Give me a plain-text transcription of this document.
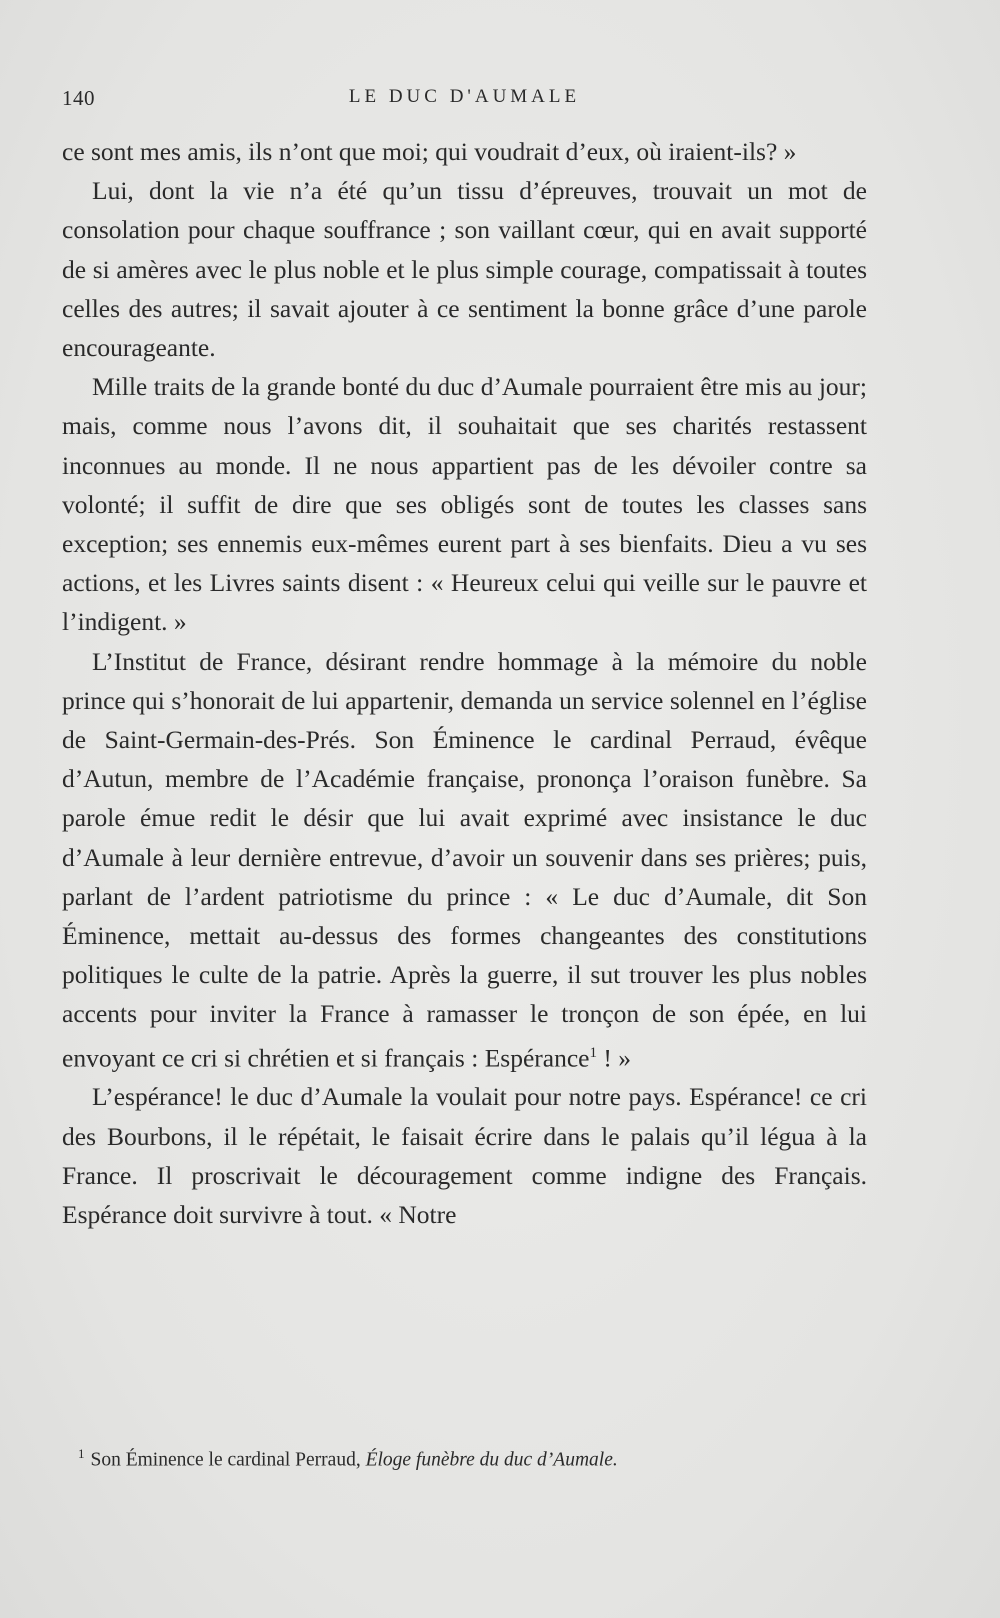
140	LE DUC D'AUMALE

ce sont mes amis, ils n’ont que moi; qui voudrait d’eux, où iraient-ils? »

Lui, dont la vie n’a été qu’un tissu d’épreuves, trouvait un mot de consolation pour chaque souffrance ; son vaillant cœur, qui en avait supporté de si amères avec le plus noble et le plus simple courage, compatissait à toutes celles des autres; il savait ajouter à ce sentiment la bonne grâce d’une parole encourageante.

Mille traits de la grande bonté du duc d’Aumale pourraient être mis au jour; mais, comme nous l’avons dit, il souhaitait que ses charités restassent inconnues au monde. Il ne nous appartient pas de les dévoiler contre sa volonté; il suffit de dire que ses obligés sont de toutes les classes sans exception; ses ennemis eux-mêmes eurent part à ses bienfaits. Dieu a vu ses actions, et les Livres saints disent : « Heureux celui qui veille sur le pauvre et l’indigent. »

L’Institut de France, désirant rendre hommage à la mémoire du noble prince qui s’honorait de lui appartenir, demanda un service solennel en l’église de Saint-Germain-des-Prés. Son Éminence le cardinal Perraud, évêque d’Autun, membre de l’Académie française, prononça l’oraison funèbre. Sa parole émue redit le désir que lui avait exprimé avec insistance le duc d’Aumale à leur dernière entrevue, d’avoir un souvenir dans ses prières; puis, parlant de l’ardent patriotisme du prince : « Le duc d’Aumale, dit Son Éminence, mettait au-dessus des formes changeantes des constitutions politiques le culte de la patrie. Après la guerre, il sut trouver les plus nobles accents pour inviter la France à ramasser le tronçon de son épée, en lui envoyant ce cri si chrétien et si français : Espérance$^1$ ! »

L’espérance! le duc d’Aumale la voulait pour notre pays. Espérance! ce cri des Bourbons, il le répétait, le faisait écrire dans le palais qu’il légua à la France. Il proscrivait le découragement comme indigne des Français. Espérance doit survivre à tout. « Notre

$^1$ Son Éminence le cardinal Perraud, Éloge funèbre du duc d’Aumale.
